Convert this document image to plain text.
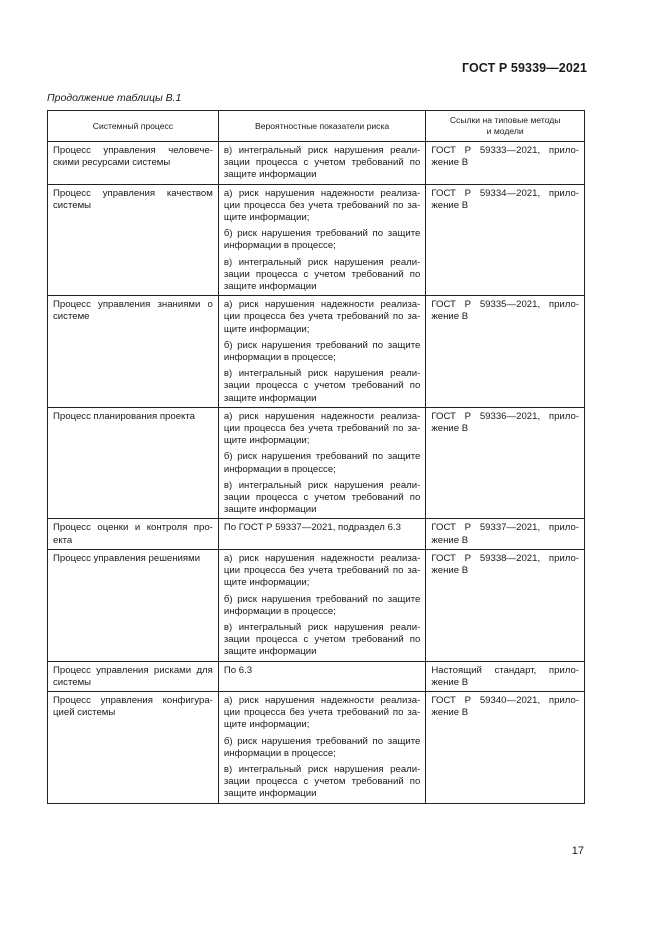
ГОСТ Р 59339—2021
Продолжение таблицы В.1
Системный процесс	Вероятностные показатели риска	Ссылки на типовые методы
и модели
Процесс управления человече-скими ресурсами системы	в) интегральный риск нарушения реали-зации процесса с учетом требований по защите информации	ГОСТ Р 59333—2021, прило-жение В
Процесс управления качеством системы	а) риск нарушения надежности реализа-ции процесса без учета требований по за-щите информации;
б) риск нарушения требований по защите информации в процессе;
в) интегральный риск нарушения реали-зации процесса с учетом требований по защите информации	ГОСТ Р 59334—2021, прило-жение В
Процесс управления знаниями о системе	а) риск нарушения надежности реализа-ции процесса без учета требований по за-щите информации;
б) риск нарушения требований по защите информации в процессе;
в) интегральный риск нарушения реали-зации процесса с учетом требований по защите информации	ГОСТ Р 59335—2021, прило-жение В
Процесс планирования проекта	а) риск нарушения надежности реализа-ции процесса без учета требований по за-щите информации;
б) риск нарушения требований по защите информации в процессе;
в) интегральный риск нарушения реали-зации процесса с учетом требований по защите информации	ГОСТ Р 59336—2021, прило-жение В
Процесс оценки и контроля про-екта	По ГОСТ Р 59337—2021, подраздел 6.3	ГОСТ Р 59337—2021, прило-жение В
Процесс управления решениями	а) риск нарушения надежности реализа-ции процесса без учета требований по за-щите информации;
б) риск нарушения требований по защите информации в процессе;
в) интегральный риск нарушения реали-зации процесса с учетом требований по защите информации	ГОСТ Р 59338—2021, прило-жение В
Процесс управления рисками для системы	По 6.3	Настоящий стандарт, прило-жение В
Процесс управления конфигура-цией системы	а) риск нарушения надежности реализа-ции процесса без учета требований по за-щите информации;
б) риск нарушения требований по защите информации в процессе;
в) интегральный риск нарушения реали-зации процесса с учетом требований по защите информации	ГОСТ Р 59340—2021, прило-жение В
17
